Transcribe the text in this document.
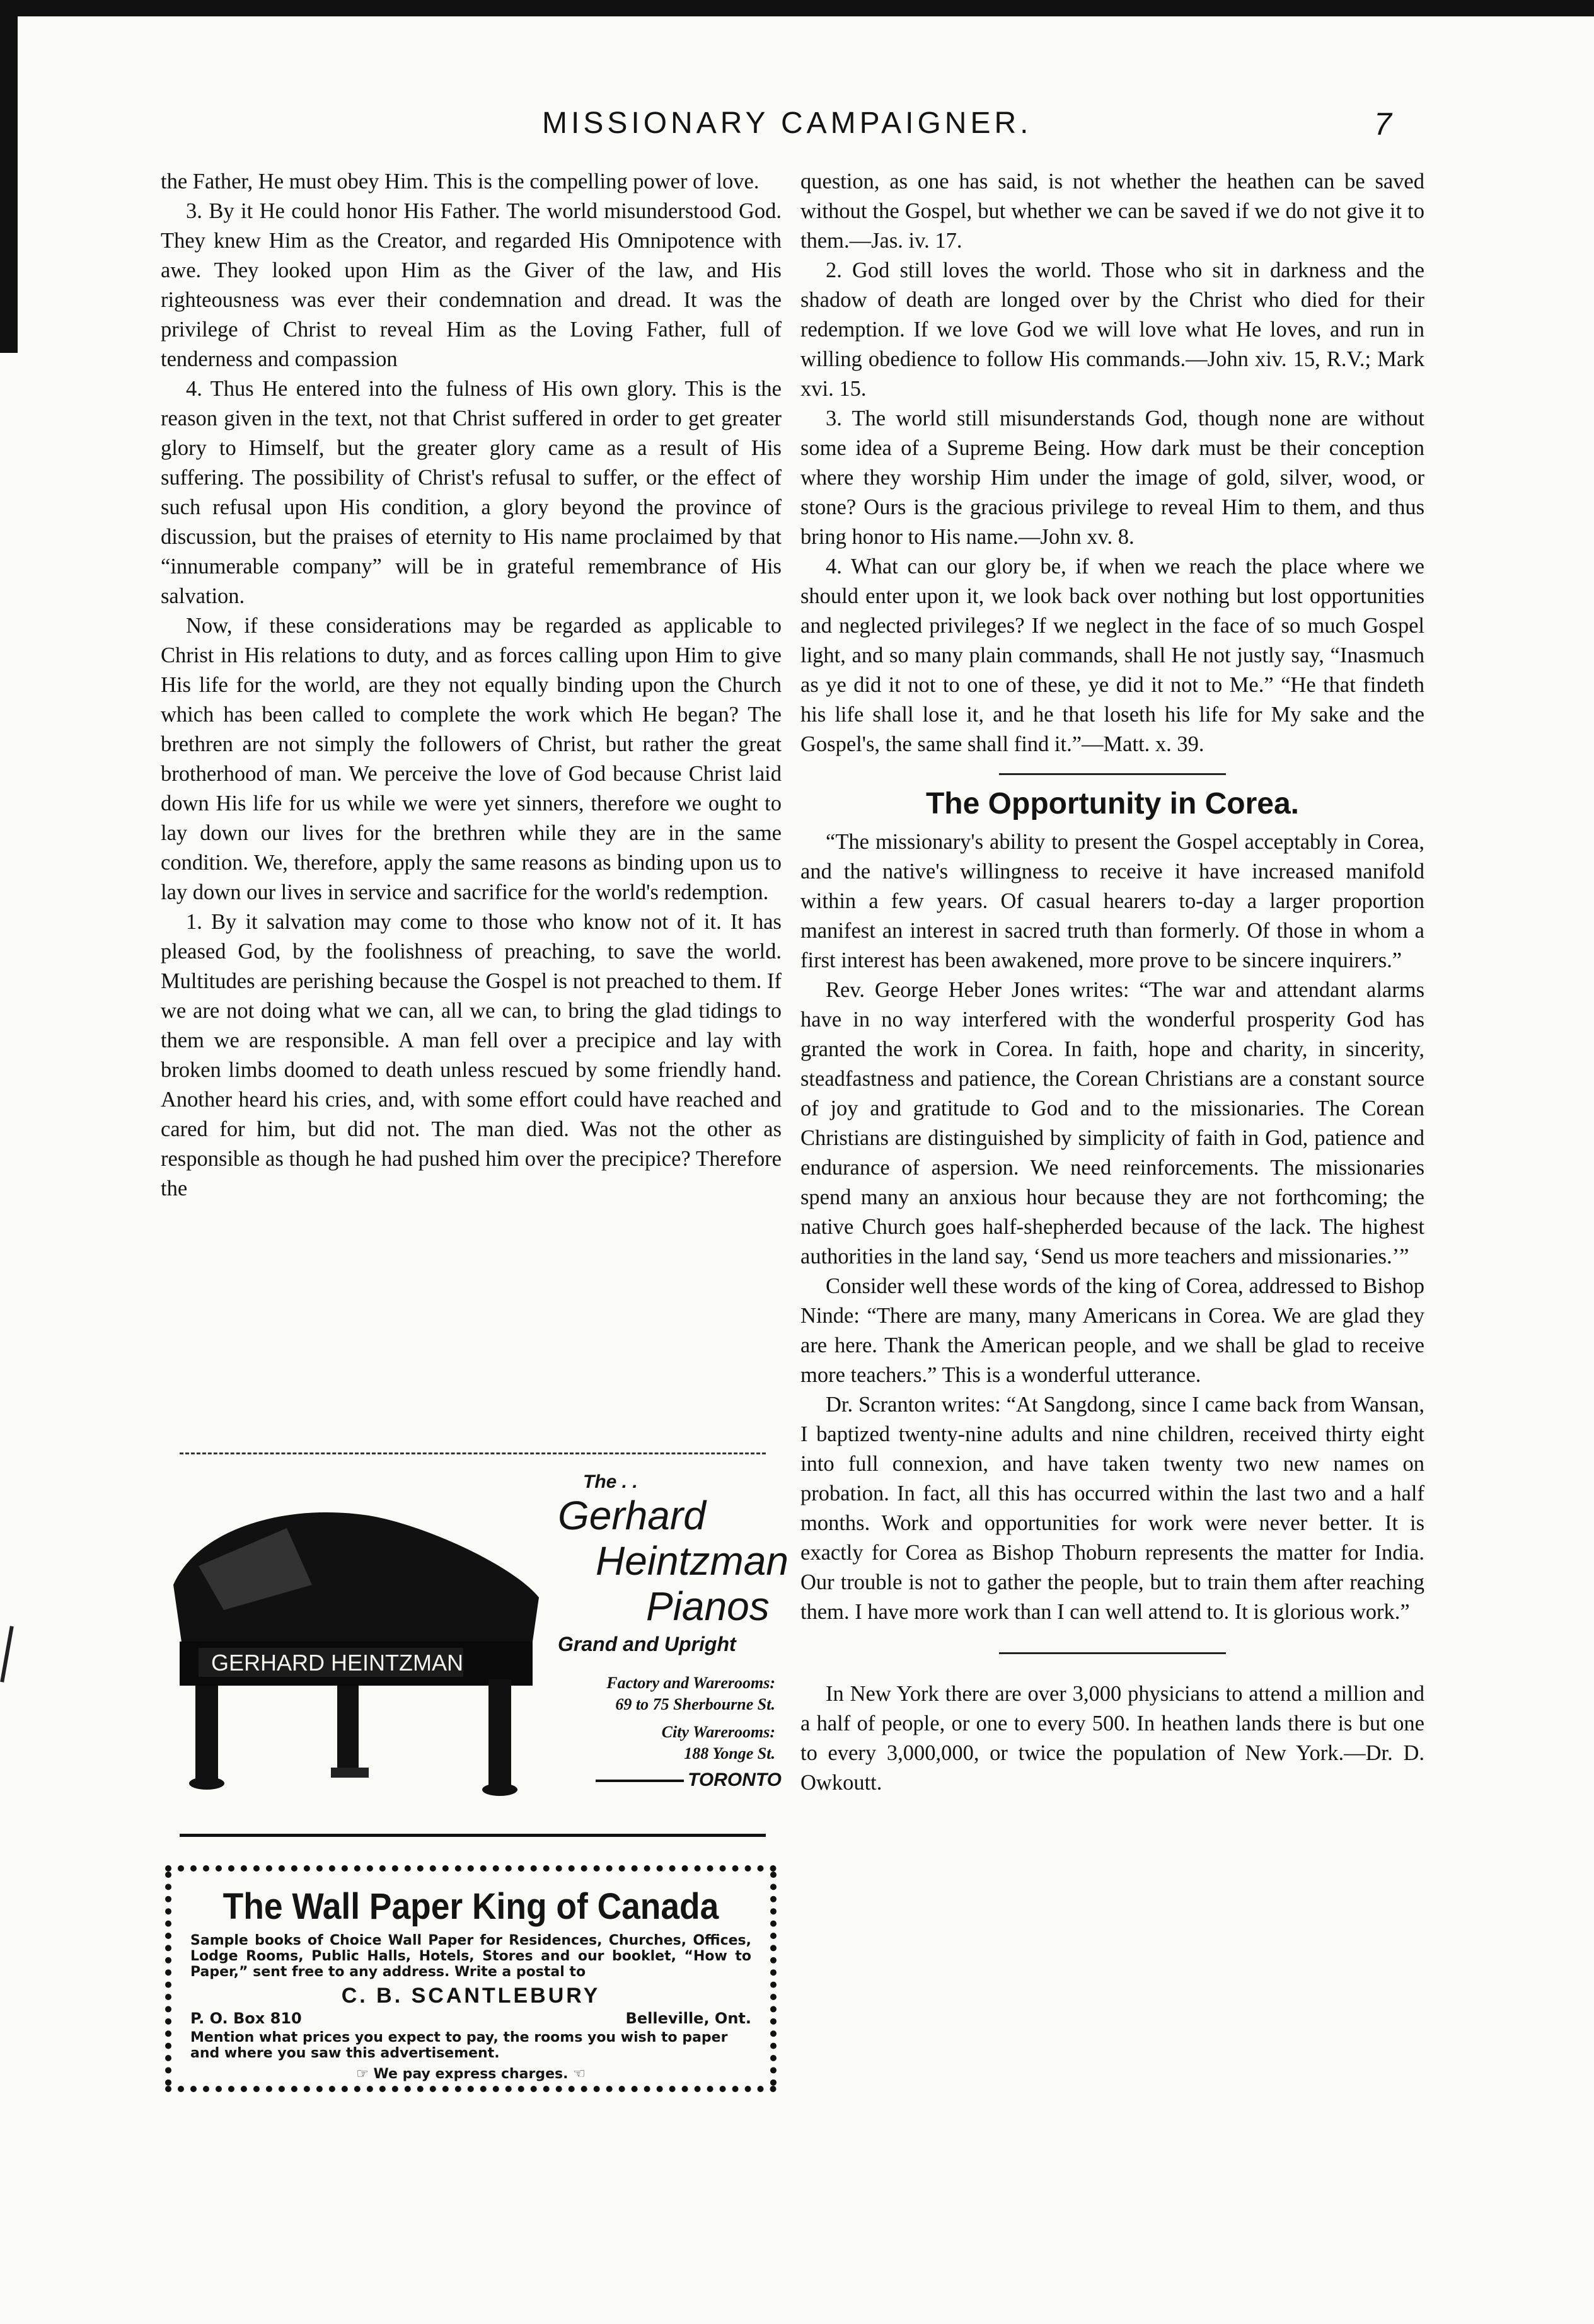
MISSIONARY CAMPAIGNER.	7

the Father, He must obey Him. This is the compelling power of love.

3. By it He could honor His Father. The world misunderstood God. They knew Him as the Creator, and regarded His Omnipotence with awe. They looked upon Him as the Giver of the law, and His righteousness was ever their condemnation and dread. It was the privilege of Christ to reveal Him as the Loving Father, full of tenderness and compassion

4. Thus He entered into the fulness of His own glory. This is the reason given in the text, not that Christ suffered in order to get greater glory to Himself, but the greater glory came as a result of His suffering. The possibility of Christ's refusal to suffer, or the effect of such refusal upon His condition, a glory beyond the province of discussion, but the praises of eternity to His name proclaimed by that “innumerable company” will be in grateful remembrance of His salvation.

Now, if these considerations may be regarded as applicable to Christ in His relations to duty, and as forces calling upon Him to give His life for the world, are they not equally binding upon the Church which has been called to complete the work which He began? The brethren are not simply the followers of Christ, but rather the great brotherhood of man. We perceive the love of God because Christ laid down His life for us while we were yet sinners, therefore we ought to lay down our lives for the brethren while they are in the same condition. We, therefore, apply the same reasons as binding upon us to lay down our lives in service and sacrifice for the world's redemption.

1. By it salvation may come to those who know not of it. It has pleased God, by the foolishness of preaching, to save the world. Multitudes are perishing because the Gospel is not preached to them. If we are not doing what we can, all we can, to bring the glad tidings to them we are responsible. A man fell over a precipice and lay with broken limbs doomed to death unless rescued by some friendly hand. Another heard his cries, and, with some effort could have reached and cared for him, but did not. The man died. Was not the other as responsible as though he had pushed him over the precipice? Therefore the

question, as one has said, is not whether the heathen can be saved without the Gospel, but whether we can be saved if we do not give it to them.—Jas. iv. 17.

2. God still loves the world. Those who sit in darkness and the shadow of death are longed over by the Christ who died for their redemption. If we love God we will love what He loves, and run in willing obedience to follow His commands.—John xiv. 15, R.V.; Mark xvi. 15.

3. The world still misunderstands God, though none are without some idea of a Supreme Being. How dark must be their conception where they worship Him under the image of gold, silver, wood, or stone? Ours is the gracious privilege to reveal Him to them, and thus bring honor to His name.—John xv. 8.

4. What can our glory be, if when we reach the place where we should enter upon it, we look back over nothing but lost opportunities and neglected privileges? If we neglect in the face of so much Gospel light, and so many plain commands, shall He not justly say, “Inasmuch as ye did it not to one of these, ye did it not to Me.” “He that findeth his life shall lose it, and he that loseth his life for My sake and the Gospel's, the same shall find it.”—Matt. x. 39.

The Opportunity in Corea.

“The missionary's ability to present the Gospel acceptably in Corea, and the native's willingness to receive it have increased manifold within a few years. Of casual hearers to-day a larger proportion manifest an interest in sacred truth than formerly. Of those in whom a first interest has been awakened, more prove to be sincere inquirers.”

Rev. George Heber Jones writes: “The war and attendant alarms have in no way interfered with the wonderful prosperity God has granted the work in Corea. In faith, hope and charity, in sincerity, steadfastness and patience, the Corean Christians are a constant source of joy and gratitude to God and to the missionaries. The Corean Christians are distinguished by simplicity of faith in God, patience and endurance of aspersion. We need reinforcements. The missionaries spend many an anxious hour because they are not forthcoming; the native Church goes half-shepherded because of the lack. The highest authorities in the land say, ‘Send us more teachers and missionaries.’”

Consider well these words of the king of Corea, addressed to Bishop Ninde: “There are many, many Americans in Corea. We are glad they are here. Thank the American people, and we shall be glad to receive more teachers.” This is a wonderful utterance.

Dr. Scranton writes: “At Sangdong, since I came back from Wansan, I baptized twenty-nine adults and nine children, received thirty eight into full connexion, and have taken twenty two new names on probation. In fact, all this has occurred within the last two and a half months. Work and opportunities for work were never better. It is exactly for Corea as Bishop Thoburn represents the matter for India. Our trouble is not to gather the people, but to train them after reaching them. I have more work than I can well attend to. It is glorious work.”

In New York there are over 3,000 physicians to attend a million and a half of people, or one to every 500. In heathen lands there is but one to every 3,000,000, or twice the population of New York.—Dr. D. Owkoutt.

GERHARD HEINTZMAN
The . .
Gerhard
Heintzman
Pianos
Grand and Upright
Factory and Warerooms:
69 to 75 Sherbourne St.
City Warerooms:
188 Yonge St.
TORONTO
The Wall Paper King of Canada
Sample books of Choice Wall Paper for Residences, Churches, Offices, Lodge Rooms, Public Halls, Hotels, Stores and our booklet, “How to Paper,” sent free to any address. Write a postal to
C. B. SCANTLEBURY
P. O. Box 810	Belleville, Ont.
Mention what prices you expect to pay, the rooms you wish to paper and where you saw this advertisement.
☞ We pay express charges. ☜
